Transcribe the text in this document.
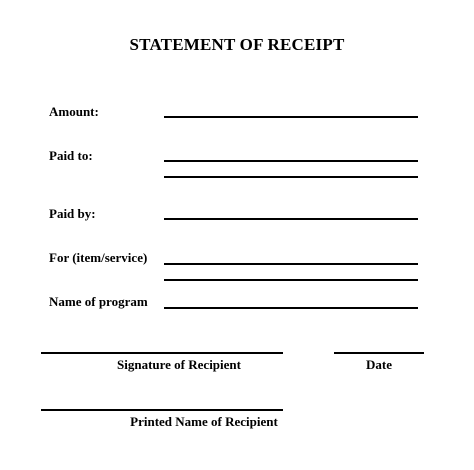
STATEMENT OF RECEIPT
Amount:
Paid to:
Paid by:
For (item/service)
Name of program
Signature of Recipient	Date
Printed Name of Recipient
